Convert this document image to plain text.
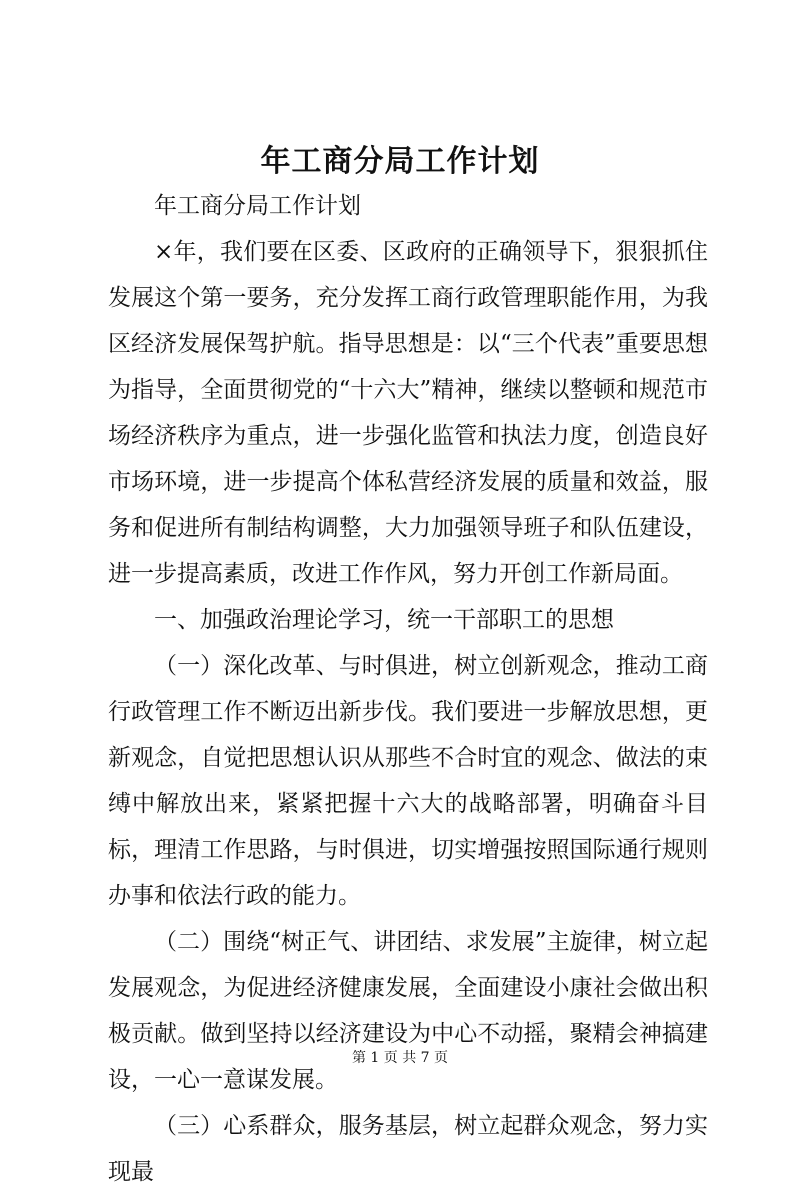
年工商分局工作计划

年工商分局工作计划

×年，我们要在区委、区政府的正确领导下，狠狠抓住发展这个第一要务，充分发挥工商行政管理职能作用，为我区经济发展保驾护航。指导思想是：以“三个代表”重要思想为指导，全面贯彻党的“十六大”精神，继续以整顿和规范市场经济秩序为重点，进一步强化监管和执法力度，创造良好市场环境，进一步提高个体私营经济发展的质量和效益，服务和促进所有制结构调整，大力加强领导班子和队伍建设，进一步提高素质，改进工作作风，努力开创工作新局面。

一、加强政治理论学习，统一干部职工的思想

（一）深化改革、与时俱进，树立创新观念，推动工商行政管理工作不断迈出新步伐。我们要进一步解放思想，更新观念，自觉把思想认识从那些不合时宜的观念、做法的束缚中解放出来，紧紧把握十六大的战略部署，明确奋斗目标，理清工作思路，与时俱进，切实增强按照国际通行规则办事和依法行政的能力。

（二）围绕“树正气、讲团结、求发展”主旋律，树立起发展观念，为促进经济健康发展，全面建设小康社会做出积极贡献。做到坚持以经济建设为中心不动摇，聚精会神搞建设，一心一意谋发展。

（三）心系群众，服务基层，树立起群众观念，努力实现最

第 1 页 共 7 页
